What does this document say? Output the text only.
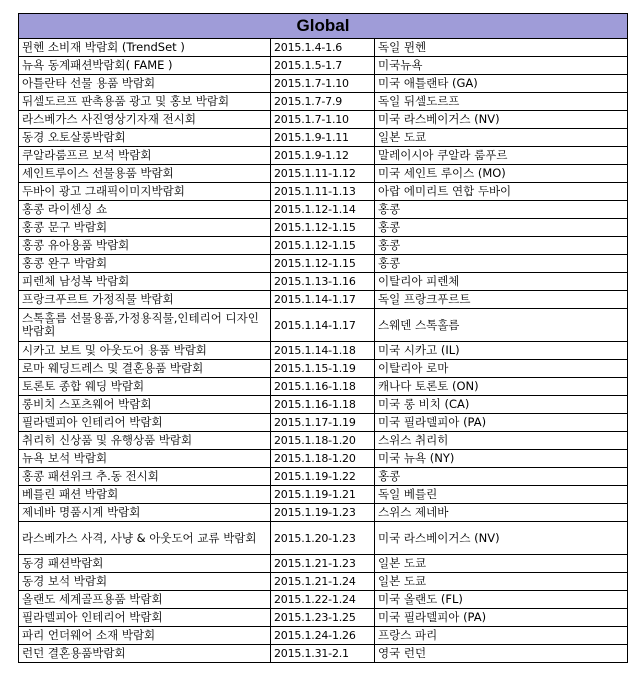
Global		
뮌헨 소비재 박람회 (TrendSet )	2015.1.4-1.6	독일 뮌헨
뉴욕 동계패션박람회( FAME )	2015.1.5-1.7	미국뉴욕
아틀란타 선물 용품 박람회	2015.1.7-1.10	미국 애틀랜타 (GA)
뒤셀도르프 판촉용품 광고 및 홍보 박람회	2015.1.7-7.9	독일 뒤셀도르프
라스베가스 사진영상기자재 전시회	2015.1.7-1.10	미국 라스베이거스 (NV)
동경 오토살롱박람회	2015.1.9-1.11	일본 도쿄
쿠알라룸프르 보석 박람회	2015.1.9-1.12	말레이시아 쿠알라 룸푸르
세인트루이스 선물용품 박람회	2015.1.11-1.12	미국 세인트 루이스 (MO)
두바이 광고 그래픽이미지박람회	2015.1.11-1.13	아랍 에미리트 연합 두바이
홍콩 라이센싱 쇼	2015.1.12-1.14	홍콩
홍콩 문구 박람회	2015.1.12-1.15	홍콩
홍콩 유아용품 박람회	2015.1.12-1.15	홍콩
홍콩 완구 박람회	2015.1.12-1.15	홍콩
피렌체 남성복 박람회	2015.1.13-1.16	이탈리아 피렌체
프랑크푸르트 가정직물 박람회	2015.1.14-1.17	독일 프랑크푸르트
스톡홀름 선물용품,가정용직물,인테리어 디자인 박람회	2015.1.14-1.17	스웨덴 스톡홀름
시카고 보트 및 아웃도어 용품 박람회	2015.1.14-1.18	미국 시카고 (IL)
로마 웨딩드레스 및 결혼용품 박람회	2015.1.15-1.19	이탈리아 로마
토론토 종합 웨딩 박람회	2015.1.16-1.18	캐나다 토론토 (ON)
롱비치 스포츠웨어 박람회	2015.1.16-1.18	미국 롱 비치 (CA)
필라델피아 인테리어 박람회	2015.1.17-1.19	미국 필라델피아 (PA)
취리히 신상품 및 유행상품 박람회	2015.1.18-1.20	스위스 취리히
뉴욕 보석 박람회	2015.1.18-1.20	미국 뉴욕 (NY)
홍콩 패션위크 추.동 전시회	2015.1.19-1.22	홍콩
베를린 패션 박람회	2015.1.19-1.21	독일 베를린
제네바 명품시계 박람회	2015.1.19-1.23	스위스 제네바
라스베가스 사격, 사냥 & 아웃도어 교류 박람회	2015.1.20-1.23	미국 라스베이거스 (NV)
동경 패션박람회	2015.1.21-1.23	일본 도쿄
동경 보석 박람회	2015.1.21-1.24	일본 도쿄
올랜도 세계골프용품 박람회	2015.1.22-1.24	미국 올랜도 (FL)
필라델피아 인테리어 박람회	2015.1.23-1.25	미국 필라델피아 (PA)
파리 언더웨어 소재 박람회	2015.1.24-1.26	프랑스 파리
런던 결혼용품박람회	2015.1.31-2.1	영국 런던
